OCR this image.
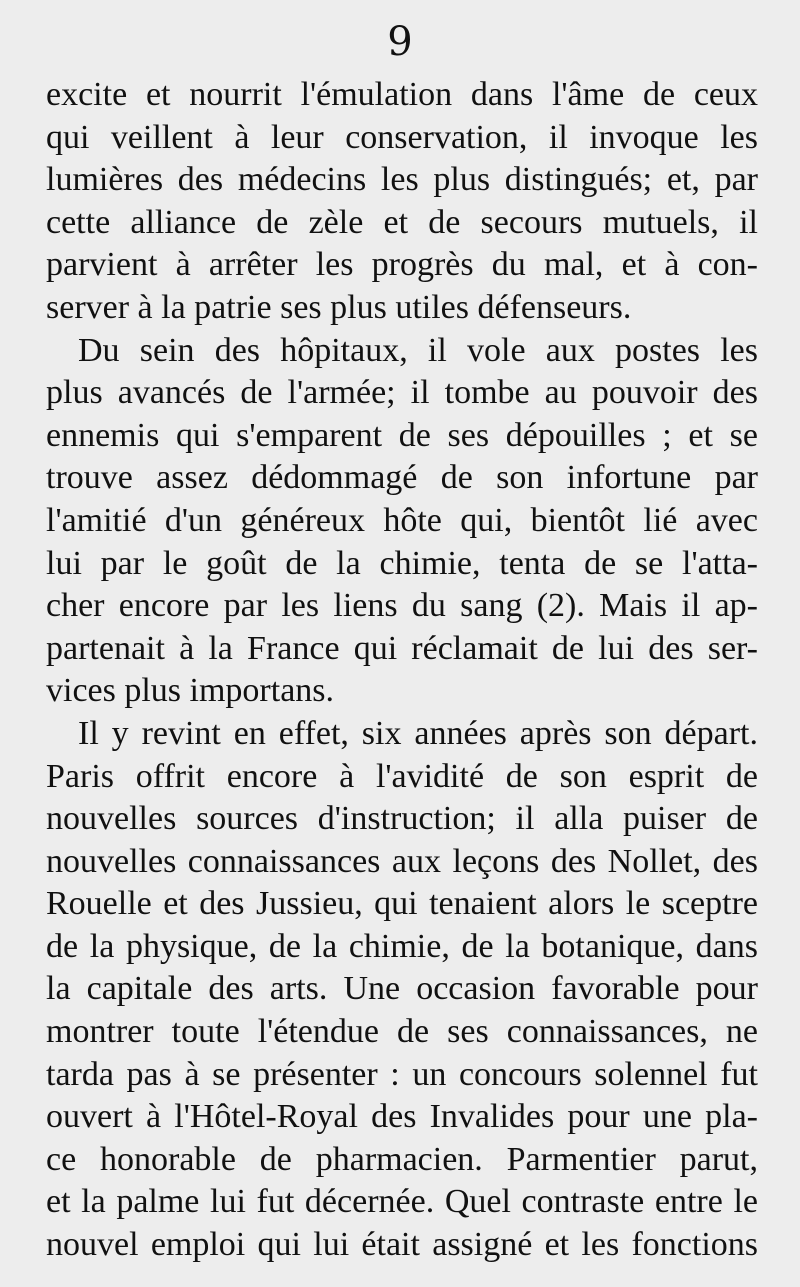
9
excite et nourrit l'émulation dans l'âme de ceux
qui veillent à leur conservation, il invoque les
lumières des médecins les plus distingués; et, par
cette alliance de zèle et de secours mutuels, il
parvient à arrêter les progrès du mal, et à con-
server à la patrie ses plus utiles défenseurs.
Du sein des hôpitaux, il vole aux postes les
plus avancés de l'armée; il tombe au pouvoir des
ennemis qui s'emparent de ses dépouilles ; et se
trouve assez dédommagé de son infortune par
l'amitié d'un généreux hôte qui, bientôt lié avec
lui par le goût de la chimie, tenta de se l'atta-
cher encore par les liens du sang (2). Mais il ap-
partenait à la France qui réclamait de lui des ser-
vices plus importans.
Il y revint en effet, six années après son départ.
Paris offrit encore à l'avidité de son esprit de
nouvelles sources d'instruction; il alla puiser de
nouvelles connaissances aux leçons des Nollet, des
Rouelle et des Jussieu, qui tenaient alors le sceptre
de la physique, de la chimie, de la botanique, dans
la capitale des arts. Une occasion favorable pour
montrer toute l'étendue de ses connaissances, ne
tarda pas à se présenter : un concours solennel fut
ouvert à l'Hôtel-Royal des Invalides pour une pla-
ce honorable de pharmacien. Parmentier parut,
et la palme lui fut décernée. Quel contraste entre le
nouvel emploi qui lui était assigné et les fonctions
